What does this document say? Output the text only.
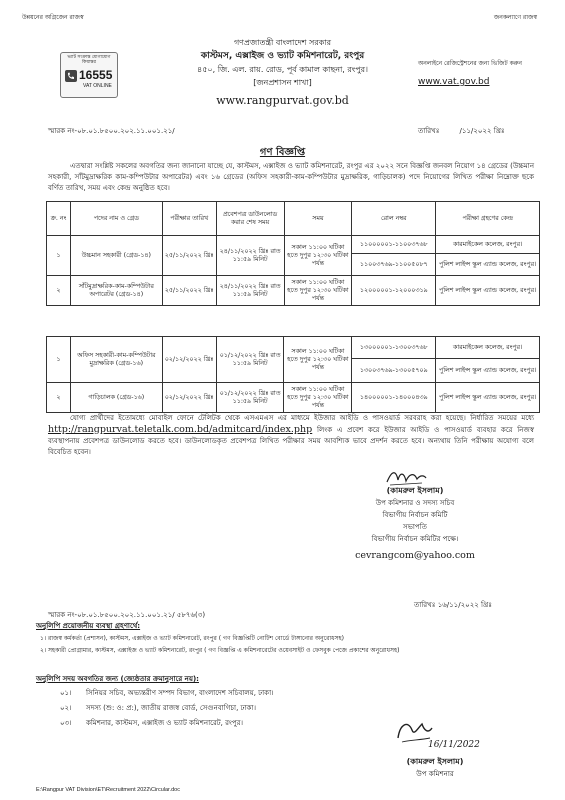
উন্নয়নের অগ্রিজেন রাজস্ব	জনকল্যাণে রাজস্ব
ভ্যাট সংক্রান্ত যোগাযোগ কিয়ান্তর
16555
VAT ONLINE
গণপ্রজাতন্ত্রী বাংলাদেশ সরকার
কাস্টমস, এক্সাইজ ও ভ্যাট কমিশনারেট, রংপুর
৪৫০, জি. এল. রায়. রোড, পূর্ব কামাল কাছনা, রংপুর।
[জনপ্রশাসন শাখা]
www.rangpurvat.gov.bd
অনলাইনে রেজিস্ট্রেশনের জন্য ভিজিট করুন www.vat.gov.bd
স্মারক নং-০৮.০১.৮৫০০.২০২.১১.০০১.২১/	তারিখঃ	/১১/২০২২ খ্রিঃ
গণ বিজ্ঞপ্তি
এতদ্বারা সংশ্লিষ্ট সকলের অবগতির জন্য জানানো যাচ্ছে যে, কাস্টমস, এক্সাইজ ও ভ্যাট কমিশনারেট, রংপুর এর ২০২২ সনে বিজ্ঞপ্তি জনবল নিয়োগ ১৪ গ্রেডের (উচ্চমান সহকারী, সাঁটমুদ্রাক্ষরিক কাম-কম্পিউটার অপারেটর) এবং ১৬ গ্রেডের (অফিস সহকারী-কাম-কম্পিউটার মুদ্রাক্ষরিক, গাড়িচালক) পদে নিয়োগের লিখিত পরীক্ষা নিম্নোক্ত ছকে বর্ণিত তারিখ, সময় এবং কেন্দ্র অনুষ্ঠিত হবে।
ক্র. নং	পদের নাম ও গ্রেড	পরীক্ষার তারিখ	প্রবেশপত্র ডাউনলোড করার শেষ সময়	সময়	রোল নম্বর	পরীক্ষা গ্রহণের কেন্দ্র
১	উচ্চমান সহকারী (গ্রেড-১৪)	২৫/১১/২০২২ খ্রিঃ	২৪/১১/২০২২ খ্রিঃ রাত ১১:৫৯ মিনিট	সকাল ১১:০০ ঘটিকা হতে দুপুর ১২:৩০ ঘটিকা পর্যন্ত	১১০০০০০১-১১০০৩৭৬৮	কারমাইকেল কলেজ, রংপুর।
					১১০০৩৭৬৯-১১০০৫০৮৭	পুলিশ লাইন্স স্কুল এ্যান্ড কলেজ, রংপুর।
২	সাঁটমুদ্রাক্ষরিক-কাম-কম্পিউটার অপারেটর (গ্রেড-১৪)	২৫/১১/২০২২ খ্রিঃ	২৪/১১/২০২২ খ্রিঃ রাত ১১:৫৯ মিনিট	সকাল ১১:০০ ঘটিকা হতে দুপুর ১২:৩০ ঘটিকা পর্যন্ত	১২০০০০০১-১২০০০৩১৯	পুলিশ লাইন্স স্কুল এ্যান্ড কলেজ, রংপুর।
১	অফিস সহকারী-কাম-কম্পিউটার মুদ্রাক্ষরিক (গ্রেড-১৬)	০২/১২/২০২২ খ্রিঃ	০১/১২/২০২২ খ্রিঃ রাত ১১:৫৯ মিনিট	সকাল ১১:০০ ঘটিকা হতে দুপুর ১২:৩০ ঘটিকা পর্যন্ত	১৩০০০০০১-১৩০০৩৭৬৮	কারমাইকেল কলেজ, রংপুর।
					১৩০০৩৭৬৯-১৩০০৫৭০৯	পুলিশ লাইন্স স্কুল এ্যান্ড কলেজ, রংপুর।
২	গাড়িচালক (গ্রেড-১৬)	০২/১২/২০২২ খ্রিঃ	০১/১২/২০২২ খ্রিঃ রাত ১১:৫৯ মিনিট	সকাল ১১:০০ ঘটিকা হতে দুপুর ১২:৩০ ঘটিকা পর্যন্ত	১৪০০০০০১-১৪০০০৪৩৯	পুলিশ লাইন্স স্কুল এ্যান্ড কলেজ, রংপুর।
যোগ্য প্রার্থীদের ইতোমধ্যে মোবাইল ফোনে টেলিটক থেকে এসএমএস এর মাধ্যমে ইউজার আইডি ও পাসওয়ার্ড সরবরাহ করা হয়েছে। নির্ধারিত সময়ের মধ্যে http://rangpurvat.teletalk.com.bd/admitcard/index.php লিংক এ প্রবেশ করে ইউজার আইডি ও পাসওয়ার্ড ব্যবহার করে নিজস্ব ব্যবস্থাপনায় প্রবেশপত্র ডাউনলোড করতে হবে। ডাউনলোডকৃত প্রবেশপত্র লিখিত পরীক্ষার সময় আবশ্যিক ভাবে প্রদর্শন করতে হবে। অন্যথায় তিনি পরীক্ষায় অযোগ্য বলে বিবেচিত হবেন।
(কামরুল ইসলাম)
উপ কমিশনার ও সদস্য সচিব
বিভাগীয় নির্বাচন কমিটি
সভাপতি
বিভাগীয় নির্বাচন কমিটির পক্ষে।
cevrangcom@yahoo.com
তারিখঃ ১৬/১১/২০২২ খ্রিঃ
স্মারক নং-০৮.০১.৮৫০০.২০২.১১.০০১.২১/ ৫৮৭৬(৩)
অনুলিপি প্রয়োজনীয় ব্যবস্থা গ্রহণার্থে:
১। রাজস্ব কর্মকর্তা (প্রশাসন), কাস্টমস, এক্সাইজ ও ভ্যাট কমিশনারেট, রংপুর ( গণ বিজ্ঞপ্তিটি নোটিশ বোর্ডে টাঙ্গানোর অনুরোধসহ)
২। সহকারী প্রোগ্রামার, কাস্টমস, এক্সাইজ ও ভ্যাট কমিশনারেট, রংপুর ( গণ বিজ্ঞপ্তি এ কমিশনারেটের ওয়েবসাইট ও ফেসবুক পেজে প্রকাশের অনুরোধসহ)
অনুলিপি সদয় অবগতির জন্য (জ্যেষ্ঠতার ক্রমানুসারে নয়):
০১। সিনিয়র সচিব, অভ্যন্তরীণ সম্পদ বিভাগ, বাংলাদেশ সচিবালয়, ঢাকা।
০২। সদস্য (শু: ও: প্র:), জাতীয় রাজস্ব বোর্ড, সেগুনবাগিচা, ঢাকা।
০৩। কমিশনার, কাস্টমস, এক্সাইজ ও ভ্যাট কমিশনারেট, রংপুর।
16/11/2022
(কামরুল ইসলাম)
উপ কমিশনার
E:\Rangpur VAT Division\ET\Recruitment 2022\Circular.doc
